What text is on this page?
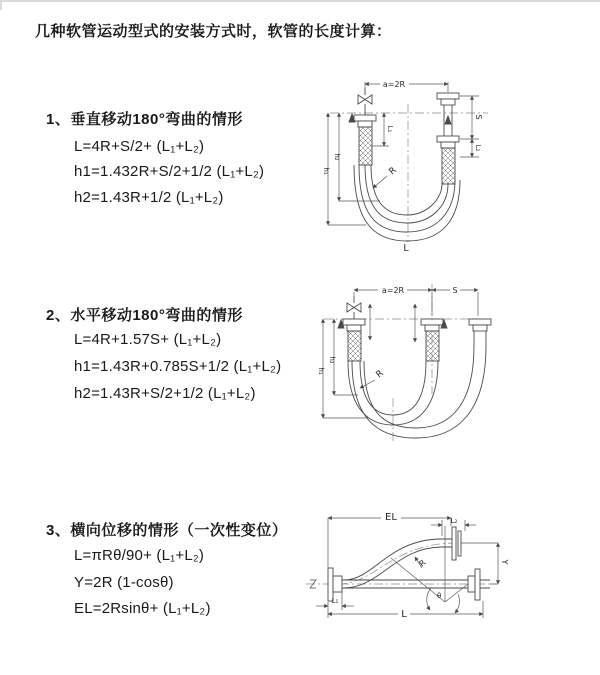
几种软管运动型式的安装方式时，软管的长度计算：
1、垂直移动180°弯曲的情形
L=4R+S/2+ (L₁+L₂)
h1=1.432R+S/2+1/2 (L₁+L₂)
h2=1.43R+1/2 (L₁+L₂)
2、水平移动180°弯曲的情形
L=4R+1.57S+ (L₁+L₂)
h1=1.43R+0.785S+1/2 (L₁+L₂)
h2=1.43R+S/2+1/2 (L₁+L₂)
3、横向位移的情形（一次性变位）
L=πRθ/90+ (L₁+L₂)
Y=2R (1-cosθ)
EL=2Rsinθ+ (L₁+L₂)
a=2R
S
L₂
L₁
h₁
h₂
R
L
a=2R	S
h₁
h₂
R
EL	L₂
L₁
Y
L
R
θ
